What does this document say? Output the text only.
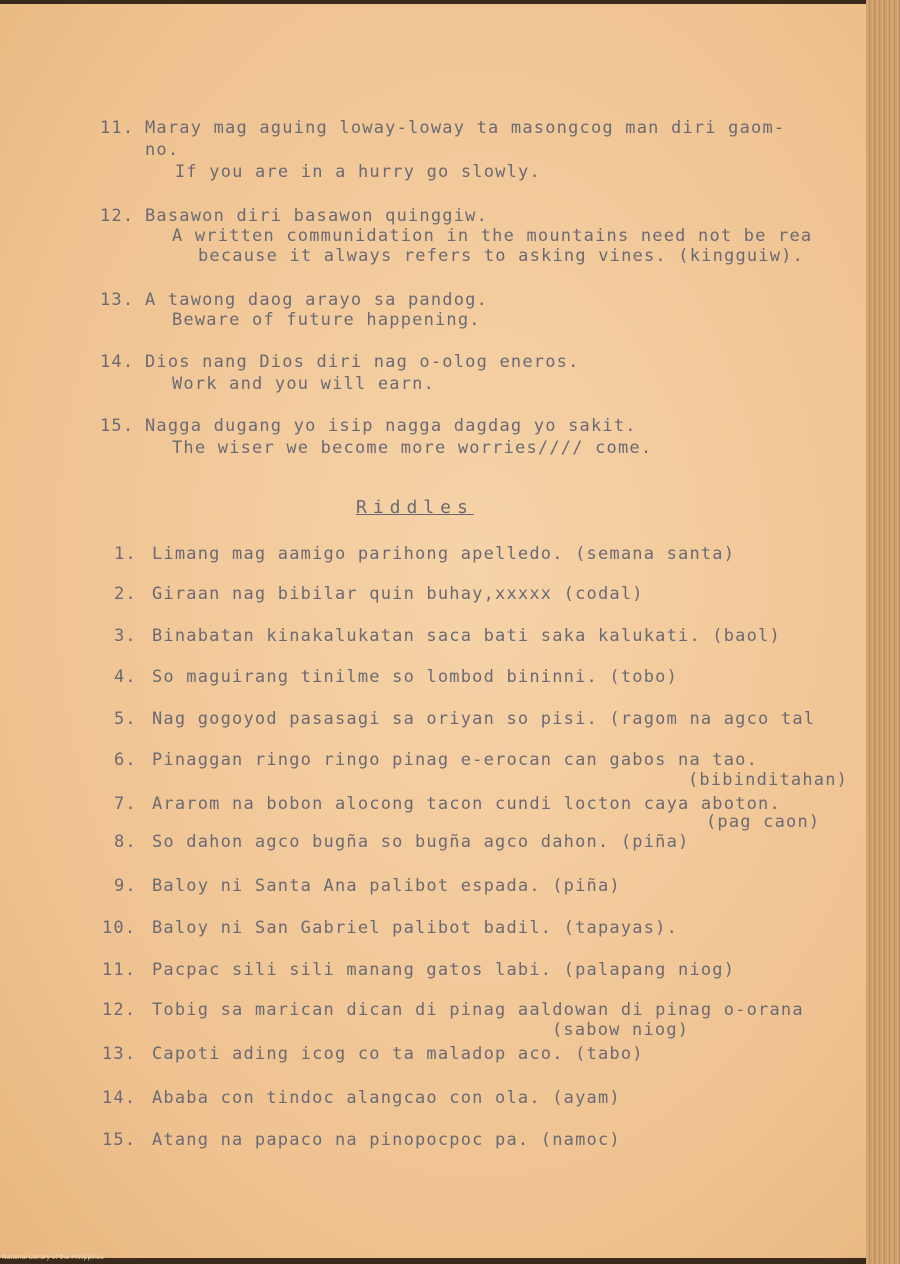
11. Maray mag aguing loway-loway ta masongcog man diri gaom-
no.
If you are in a hurry go slowly.
12. Basawon diri basawon quinggiw.
A written communidation in the mountains need not be rea
because it always refers to asking vines. (kingguiw).
13. A tawong daog arayo sa pandog.
Beware of future happening.
14. Dios nang Dios diri nag o-olog eneros.
Work and you will earn.
15. Nagga dugang yo isip nagga dagdag yo sakit.
The wiser we become more worries//// come.
Riddles
1. Limang mag aamigo parihong apelledo. (semana santa)
2. Giraan nag bibilar quin buhay,xxxxx (codal)
3. Binabatan kinakalukatan saca bati saka kalukati. (baol)
4. So maguirang tinilme so lombod bininni. (tobo)
5. Nag gogoyod pasasagi sa oriyan so pisi. (ragom na agco tal
6. Pinaggan ringo ringo pinag e-erocan can gabos na tao.
(bibinditahan)
7. Ararom na bobon alocong tacon cundi locton caya aboton.
(pag caon)
8. So dahon agco bugña so bugña agco dahon. (piña)
9. Baloy ni Santa Ana palibot espada. (piña)
10. Baloy ni San Gabriel palibot badil. (tapayas).
11. Pacpac sili sili manang gatos labi. (palapang niog)
12. Tobig sa marican dican di pinag aaldowan di pinag o-orana
(sabow niog)
13. Capoti ading icog co ta maladop aco. (tabo)
14. Ababa con tindoc alangcao con ola. (ayam)
15. Atang na papaco na pinopocpoc pa. (namoc)
National Library of the Philippines
